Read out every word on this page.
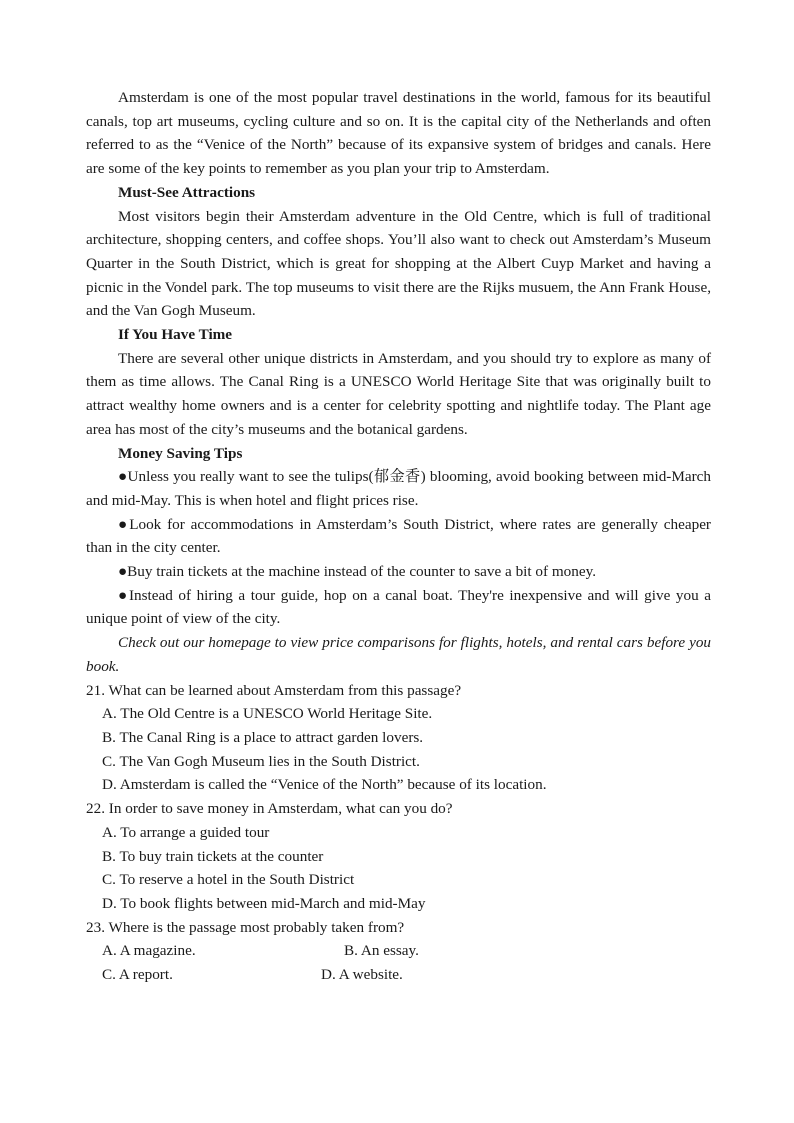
Amsterdam is one of the most popular travel destinations in the world, famous for its beautiful canals, top art museums, cycling culture and so on. It is the capital city of the Netherlands and often referred to as the “Venice of the North” because of its expansive system of bridges and canals. Here are some of the key points to remember as you plan your trip to Amsterdam.

Must-See Attractions

Most visitors begin their Amsterdam adventure in the Old Centre, which is full of traditional architecture, shopping centers, and coffee shops. You’ll also want to check out Amsterdam’s Museum Quarter in the South District, which is great for shopping at the Albert Cuyp Market and having a picnic in the Vondel park. The top museums to visit there are the Rijks musuem, the Ann Frank House, and the Van Gogh Museum.

If You Have Time

There are several other unique districts in Amsterdam, and you should try to explore as many of them as time allows. The Canal Ring is a UNESCO World Heritage Site that was originally built to attract wealthy home owners and is a center for celebrity spotting and nightlife today. The Plant age area has most of the city’s museums and the botanical gardens.

Money Saving Tips

●Unless you really want to see the tulips(郁金香) blooming, avoid booking between mid-March and mid-May. This is when hotel and flight prices rise.

●Look for accommodations in Amsterdam’s South District, where rates are generally cheaper than in the city center.

●Buy train tickets at the machine instead of the counter to save a bit of money.

●Instead of hiring a tour guide, hop on a canal boat. They're inexpensive and will give you a unique point of view of the city.

Check out our homepage to view price comparisons for flights, hotels, and rental cars before you book.

21. What can be learned about Amsterdam from this passage?

A. The Old Centre is a UNESCO World Heritage Site.

B. The Canal Ring is a place to attract garden lovers.

C. The Van Gogh Museum lies in the South District.

D. Amsterdam is called the “Venice of the North” because of its location.

22. In order to save money in Amsterdam, what can you do?

A. To arrange a guided tour

B. To buy train tickets at the counter

C. To reserve a hotel in the South District

D. To book flights between mid-March and mid-May

23. Where is the passage most probably taken from?

A. A magazine.	B. An essay.
C. A report.	D. A website.
